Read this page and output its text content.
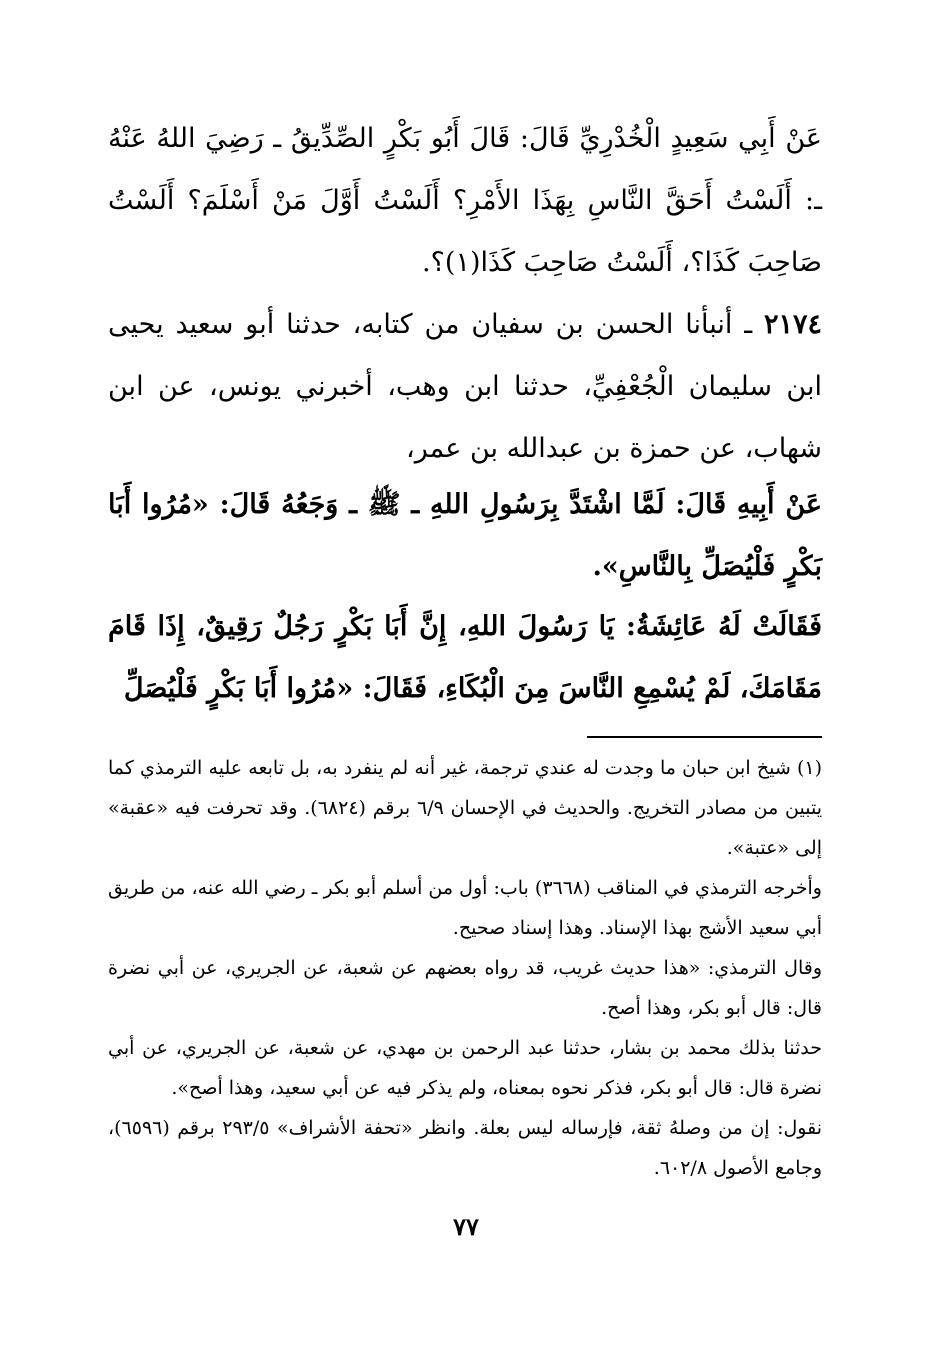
عَنْ أَبِي سَعِيدٍ الْخُدْرِيِّ قَالَ: قَالَ أَبُو بَكْرٍ الصِّدِّيقُ ـ رَضِيَ اللهُ عَنْهُ ـ: أَلَسْتُ أَحَقَّ النَّاسِ بِهَذَا الأَمْرِ؟ أَلَسْتُ أَوَّلَ مَنْ أَسْلَمَ؟ أَلَسْتُ صَاحِبَ كَذَا؟، أَلَسْتُ صَاحِبَ كَذَا(١)؟.
٢١٧٤ ـ أنبأنا الحسن بن سفيان من كتابه، حدثنا أبو سعيد يحيى ابن سليمان الْجُعْفِيِّ، حدثنا ابن وهب، أخبرني يونس، عن ابن شهاب، عن حمزة بن عبدالله بن عمر،
عَنْ أَبِيهِ قَالَ: لَمَّا اشْتَدَّ بِرَسُولِ اللهِ ـ ﷺ ـ وَجَعُهُ قَالَ: «مُرُوا أَبَا بَكْرٍ فَلْيُصَلِّ بِالنَّاسِ».
فَقَالَتْ لَهُ عَائِشَةُ: يَا رَسُولَ اللهِ، إِنَّ أَبَا بَكْرٍ رَجُلٌ رَقِيقٌ، إِذَا قَامَ مَقَامَكَ، لَمْ يُسْمِعِ النَّاسَ مِنَ الْبُكَاءِ، فَقَالَ: «مُرُوا أَبَا بَكْرٍ فَلْيُصَلِّ

(١) شيخ ابن حبان ما وجدت له عندي ترجمة، غير أنه لم ينفرد به، بل تابعه عليه الترمذي كما يتبين من مصادر التخريج. والحديث في الإحسان ٦/٩ برقم (٦٨٢٤). وقد تحرفت فيه «عقبة» إلى «عتبة».

وأخرجه الترمذي في المناقب (٣٦٦٨) باب: أول من أسلم أبو بكر ـ رضي الله عنه، من طريق أبي سعيد الأشج بهذا الإسناد. وهذا إسناد صحيح.

وقال الترمذي: «هذا حديث غريب، قد رواه بعضهم عن شعبة، عن الجريري، عن أبي نضرة قال: قال أبو بكر، وهذا أصح.

حدثنا بذلك محمد بن بشار، حدثنا عبد الرحمن بن مهدي، عن شعبة، عن الجريري، عن أبي نضرة قال: قال أبو بكر، فذكر نحوه بمعناه، ولم يذكر فيه عن أبي سعيد، وهذا أصح».

نقول: إن من وصلهُ ثقة، فإرساله ليس بعلة. وانظر «تحفة الأشراف» ٢٩٣/٥ برقم (٦٥٩٦)، وجامع الأصول ٦٠٢/٨.

٧٧
